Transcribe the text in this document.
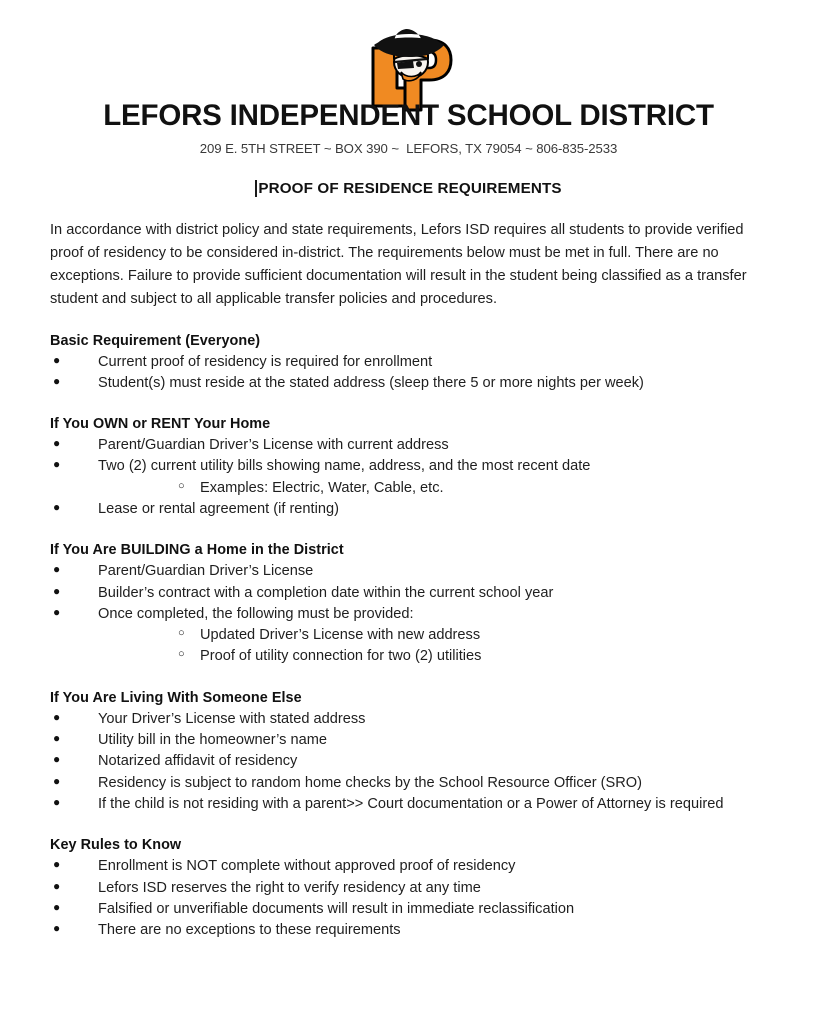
LEFORS INDEPENDENT SCHOOL DISTRICT
209 E. 5TH STREET ~ BOX 390 ~  LEFORS, TX 79054 ~ 806-835-2533
PROOF OF RESIDENCE REQUIREMENTS

In accordance with district policy and state requirements, Lefors ISD requires all students to provide verified proof of residency to be considered in-district. The requirements below must be met in full. There are no exceptions. Failure to provide sufficient documentation will result in the student being classified as a transfer student and subject to all applicable transfer policies and procedures.

Basic Requirement (Everyone)
●	Current proof of residency is required for enrollment
●	Student(s) must reside at the stated address (sleep there 5 or more nights per week)
If You OWN or RENT Your Home
●	Parent/Guardian Driver’s License with current address
●	Two (2) current utility bills showing name, address, and the most recent date
○ Examples: Electric, Water, Cable, etc.
●	Lease or rental agreement (if renting)
If You Are BUILDING a Home in the District
●	Parent/Guardian Driver’s License
●	Builder’s contract with a completion date within the current school year
●	Once completed, the following must be provided:
○ Updated Driver’s License with new address
○ Proof of utility connection for two (2) utilities
If You Are Living With Someone Else
●	Your Driver’s License with stated address
●	Utility bill in the homeowner’s name
●	Notarized affidavit of residency
●	Residency is subject to random home checks by the School Resource Officer (SRO)
●	If the child is not residing with a parent>> Court documentation or a Power of Attorney is required
Key Rules to Know
●	Enrollment is NOT complete without approved proof of residency
●	Lefors ISD reserves the right to verify residency at any time
●	Falsified or unverifiable documents will result in immediate reclassification
●	There are no exceptions to these requirements
